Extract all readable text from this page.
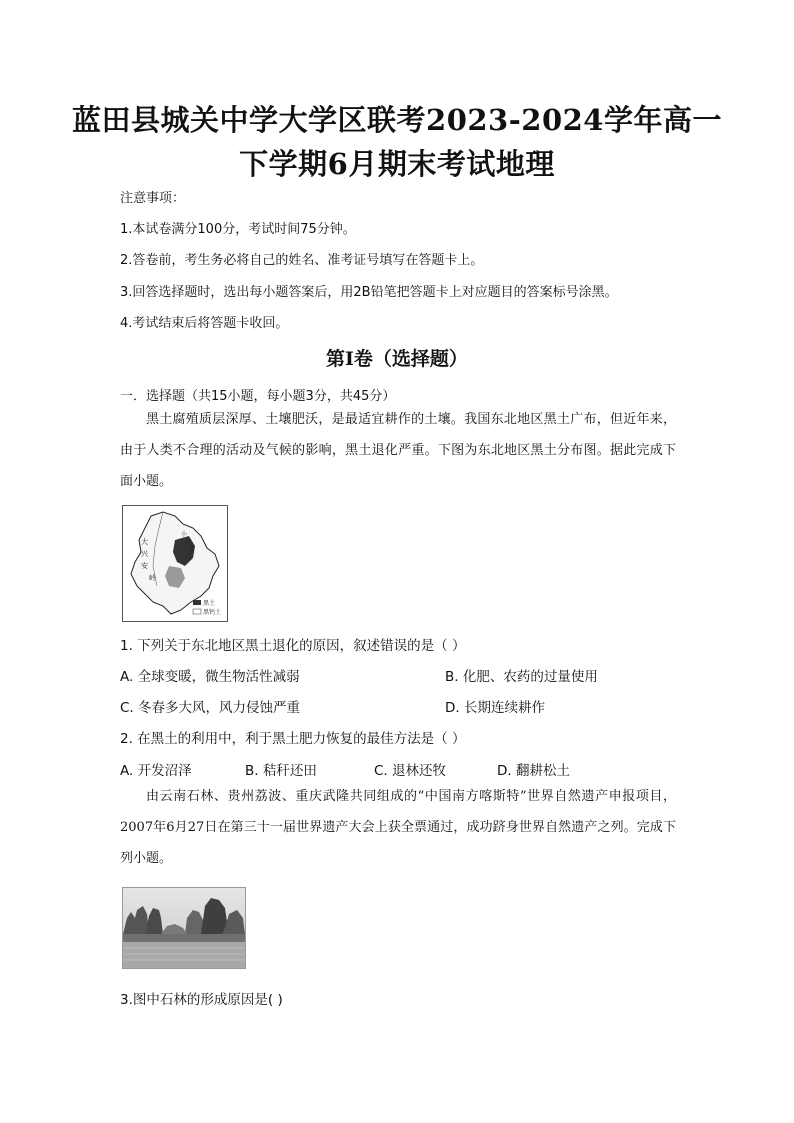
蓝田县城关中学大学区联考2023-2024学年高一
下学期6月期末考试地理
注意事项：
1.本试卷满分100分，考试时间75分钟。
2.答卷前，考生务必将自己的姓名、准考证号填写在答题卡上。
3.回答选择题时，选出每小题答案后，用2B铅笔把答题卡上对应题目的答案标号涂黑。
4.考试结束后将答题卡收回。
第I卷（选择题）
一．选择题（共15小题，每小题3分，共45分）
黑土腐殖质层深厚、土壤肥沃，是最适宜耕作的土壤。我国东北地区黑土广布，但近年来，由于人类不合理的活动及气候的影响，黑土退化严重。下图为东北地区黑土分布图。据此完成下面小题。
大
兴
安
岭
小
兴
安
黑土
黑钙土
1. 下列关于东北地区黑土退化的原因，叙述错误的是（ ）
A. 全球变暖，微生物活性减弱	B. 化肥、农药的过量使用
C. 冬春多大风，风力侵蚀严重	D. 长期连续耕作
2. 在黑土的利用中，利于黑土肥力恢复的最佳方法是（ ）
A. 开发沼泽	B. 秸秆还田	C. 退林还牧	D. 翻耕松土
由云南石林、贵州荔波、重庆武隆共同组成的“中国南方喀斯特”世界自然遗产申报项目，2007年6月27日在第三十一届世界遗产大会上获全票通过，成功跻身世界自然遗产之列。完成下列小题。
3.图中石林的形成原因是( )
